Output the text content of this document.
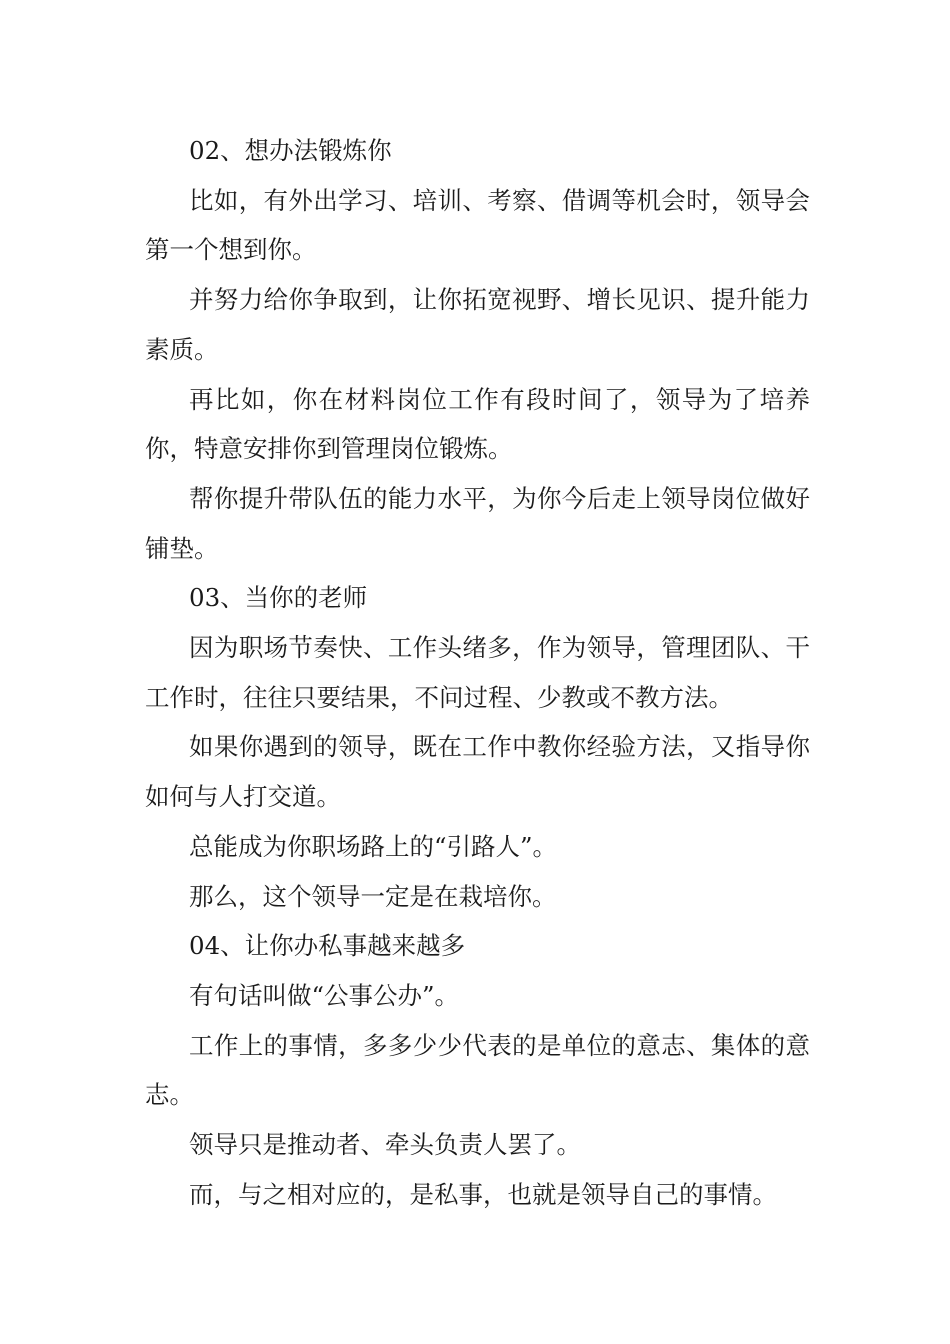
02、想办法锻炼你

比如，有外出学习、培训、考察、借调等机会时，领导会第一个想到你。

并努力给你争取到，让你拓宽视野、增长见识、提升能力素质。

再比如，你在材料岗位工作有段时间了，领导为了培养你，特意安排你到管理岗位锻炼。

帮你提升带队伍的能力水平，为你今后走上领导岗位做好铺垫。

03、当你的老师

因为职场节奏快、工作头绪多，作为领导，管理团队、干工作时，往往只要结果，不问过程、少教或不教方法。

如果你遇到的领导，既在工作中教你经验方法，又指导你如何与人打交道。

总能成为你职场路上的“引路人”。

那么，这个领导一定是在栽培你。

04、让你办私事越来越多

有句话叫做“公事公办”。

工作上的事情，多多少少代表的是单位的意志、集体的意志。

领导只是推动者、牵头负责人罢了。

而，与之相对应的，是私事，也就是领导自己的事情。
